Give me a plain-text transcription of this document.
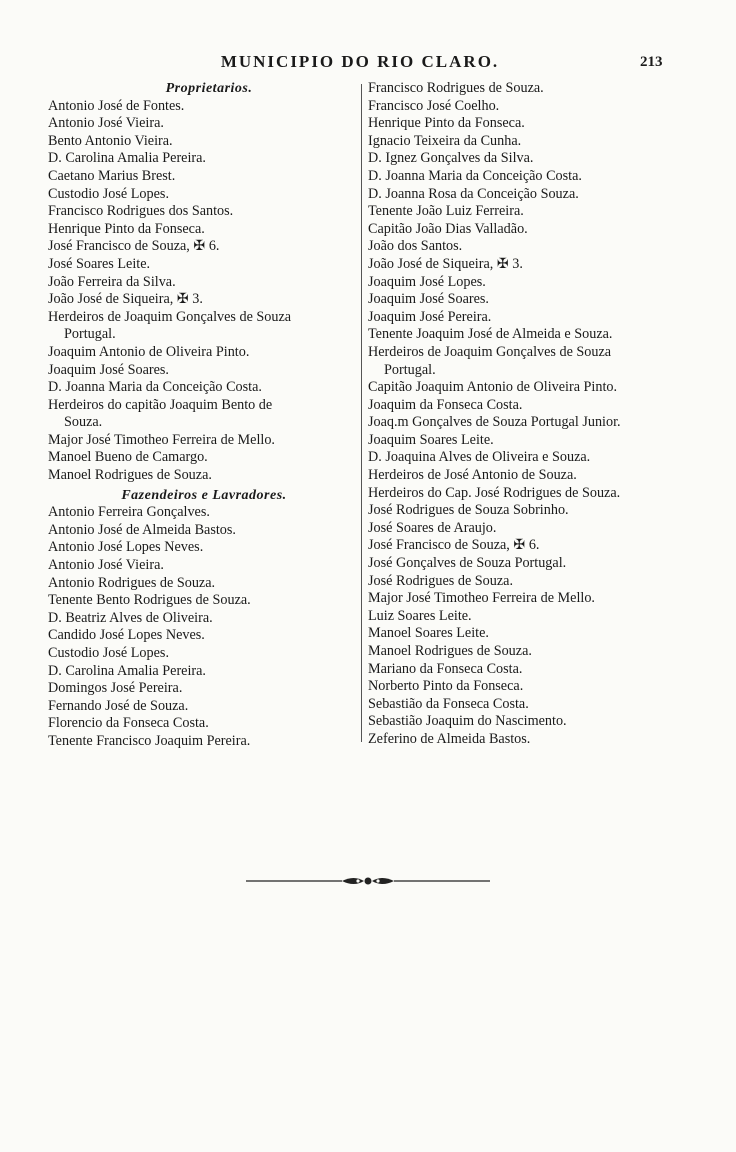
MUNICIPIO DO RIO CLARO.	213
Proprietarios.
Antonio José de Fontes.
Antonio José Vieira.
Bento Antonio Vieira.
D. Carolina Amalia Pereira.
Caetano Marius Brest.
Custodio José Lopes.
Francisco Rodrigues dos Santos.
Henrique Pinto da Fonseca.
José Francisco de Souza, ✠ 6.
José Soares Leite.
João Ferreira da Silva.
João José de Siqueira, ✠ 3.
Herdeiros de Joaquim Gonçalves de Souza
Portugal.
Joaquim Antonio de Oliveira Pinto.
Joaquim José Soares.
D. Joanna Maria da Conceição Costa.
Herdeiros do capitão Joaquim Bento de
Souza.
Major José Timotheo Ferreira de Mello.
Manoel Bueno de Camargo.
Manoel Rodrigues de Souza.
Fazendeiros e Lavradores.
Antonio Ferreira Gonçalves.
Antonio José de Almeida Bastos.
Antonio José Lopes Neves.
Antonio José Vieira.
Antonio Rodrigues de Souza.
Tenente Bento Rodrigues de Souza.
D. Beatriz Alves de Oliveira.
Candido José Lopes Neves.
Custodio José Lopes.
D. Carolina Amalia Pereira.
Domingos José Pereira.
Fernando José de Souza.
Florencio da Fonseca Costa.
Tenente Francisco Joaquim Pereira.
Francisco Rodrigues de Souza.
Francisco José Coelho.
Henrique Pinto da Fonseca.
Ignacio Teixeira da Cunha.
D. Ignez Gonçalves da Silva.
D. Joanna Maria da Conceição Costa.
D. Joanna Rosa da Conceição Souza.
Tenente João Luiz Ferreira.
Capitão João Dias Valladão.
João dos Santos.
João José de Siqueira, ✠ 3.
Joaquim José Lopes.
Joaquim José Soares.
Joaquim José Pereira.
Tenente Joaquim José de Almeida e Souza.
Herdeiros de Joaquim Gonçalves de Souza
Portugal.
Capitão Joaquim Antonio de Oliveira Pinto.
Joaquim da Fonseca Costa.
Joaq.m Gonçalves de Souza Portugal Junior.
Joaquim Soares Leite.
D. Joaquina Alves de Oliveira e Souza.
Herdeiros de José Antonio de Souza.
Herdeiros do Cap. José Rodrigues de Souza.
José Rodrigues de Souza Sobrinho.
José Soares de Araujo.
José Francisco de Souza, ✠ 6.
José Gonçalves de Souza Portugal.
José Rodrigues de Souza.
Major José Timotheo Ferreira de Mello.
Luiz Soares Leite.
Manoel Soares Leite.
Manoel Rodrigues de Souza.
Mariano da Fonseca Costa.
Norberto Pinto da Fonseca.
Sebastião da Fonseca Costa.
Sebastião Joaquim do Nascimento.
Zeferino de Almeida Bastos.
